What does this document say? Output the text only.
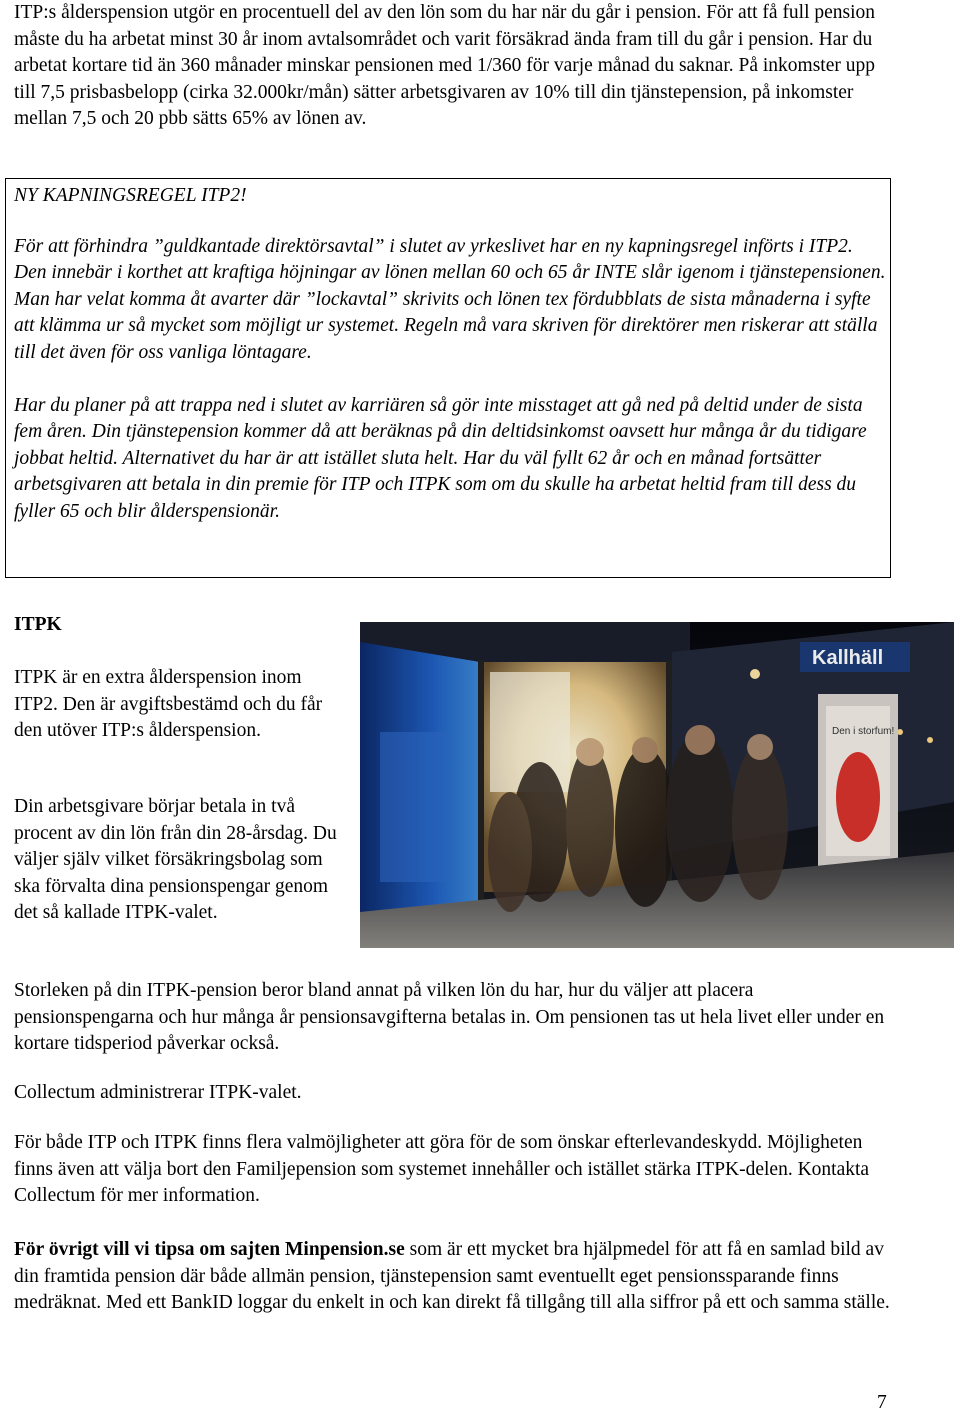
ITP:s ålderspension utgör en procentuell del av den lön som du har när du går i pension. För att få full pension måste du ha arbetat minst 30 år inom avtalsområdet och varit försäkrad ända fram till du går i pension. Har du arbetat kortare tid än 360 månader minskar pensionen med 1/360 för varje månad du saknar. På inkomster upp till 7,5 prisbasbelopp (cirka 32.000kr/mån) sätter arbetsgivaren av 10% till din tjänstepension, på inkomster mellan 7,5 och 20 pbb sätts 65% av lönen av.

NY KAPNINGSREGEL ITP2!

För att förhindra ”guldkantade direktörsavtal” i slutet av yrkeslivet har en ny kapningsregel införts i ITP2. Den innebär i korthet att kraftiga höjningar av lönen mellan 60 och 65 år INTE slår igenom i tjänstepensionen. Man har velat komma åt avarter där ”lockavtal” skrivits och lönen tex fördubblats de sista månaderna i syfte att klämma ur så mycket som möjligt ur systemet. Regeln må vara skriven för direktörer men riskerar att ställa till det även för oss vanliga löntagare.

Har du planer på att trappa ned i slutet av karriären så gör inte misstaget att gå ned på deltid under de sista fem åren. Din tjänstepension kommer då att beräknas på din deltidsinkomst oavsett hur många år du tidigare jobbat heltid. Alternativet du har är att istället sluta helt. Har du väl fyllt 62 år och en månad fortsätter arbetsgivaren att betala in din premie för ITP och ITPK som om du skulle ha arbetat heltid fram till dess du fyller 65 och blir ålderspensionär.

ITPK

ITPK är en extra ålderspension inom ITP2. Den är avgiftsbestämd och du får den utöver ITP:s ålderspension.

Din arbetsgivare börjar betala in två procent av din lön från din 28-årsdag. Du väljer själv vilket försäkringsbolag som ska förvalta dina pensionspengar genom det så kallade ITPK-valet.

Kallhäll
Den i storfum!

Storleken på din ITPK-pension beror bland annat på vilken lön du har, hur du väljer att placera pensionspengarna och hur många år pensionsavgifterna betalas in. Om pensionen tas ut hela livet eller under en kortare tidsperiod påverkar också.

Collectum administrerar ITPK-valet.

För både ITP och ITPK finns flera valmöjligheter att göra för de som önskar efterlevandeskydd. Möjligheten finns även att välja bort den Familjepension som systemet innehåller och istället stärka ITPK-delen. Kontakta Collectum för mer information.

För övrigt vill vi tipsa om sajten Minpension.se som är ett mycket bra hjälpmedel för att få en samlad bild av din framtida pension där både allmän pension, tjänstepension samt eventuellt eget pensionssparande finns medräknat. Med ett BankID loggar du enkelt in och kan direkt få tillgång till alla siffror på ett och samma ställe.

7
